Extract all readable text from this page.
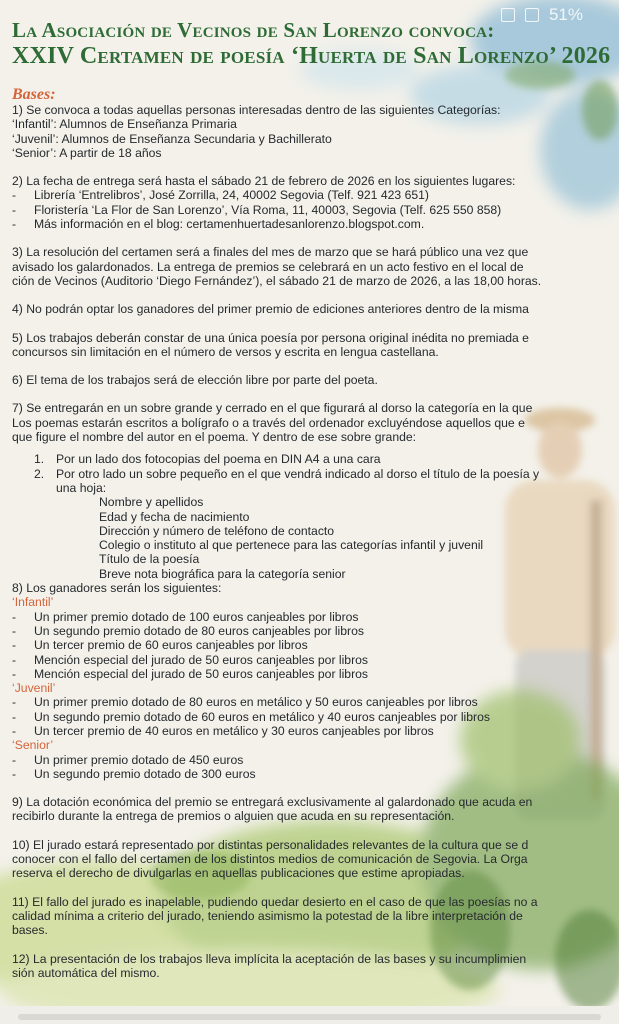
51%
La Asociación de Vecinos de San Lorenzo convoca:
XXIV Certamen de poesía ‘Huerta de San Lorenzo’ 2026
Bases:
1) Se convoca a todas aquellas personas interesadas dentro de las siguientes Categorías:
‘Infantil’: Alumnos de Enseñanza Primaria
‘Juvenil’: Alumnos de Enseñanza Secundaria y Bachillerato
‘Senior’: A partir de 18 años
2) La fecha de entrega será hasta el sábado 21 de febrero de 2026 en los siguientes lugares:
- Librería ‘Entrelibros’, José Zorrilla, 24, 40002 Segovia (Telf. 921 423 651)
- Floristería ‘La Flor de San Lorenzo’, Vía Roma, 11, 40003, Segovia (Telf. 625 550 858)
- Más información en el blog: certamenhuertadesanlorenzo.blogspot.com.
3) La resolución del certamen será a finales del mes de marzo que se hará público una vez que
avisado los galardonados. La entrega de premios se celebrará en un acto festivo en el local de
ción de Vecinos (Auditorio ‘Diego Fernández’), el sábado 21 de marzo de 2026, a las 18,00 horas.
4) No podrán optar los ganadores del primer premio de ediciones anteriores dentro de la misma
5) Los trabajos deberán constar de una única poesía por persona original inédita no premiada e
concursos sin limitación en el número de versos y escrita en lengua castellana.
6) El tema de los trabajos será de elección libre por parte del poeta.
7) Se entregarán en un sobre grande y cerrado en el que figurará al dorso la categoría en la que
Los poemas estarán escritos a bolígrafo o a través del ordenador excluyéndose aquellos que e
que figure el nombre del autor en el poema. Y dentro de ese sobre grande:
1. Por un lado dos fotocopias del poema en DIN A4 a una cara
2. Por otro lado un sobre pequeño en el que vendrá indicado al dorso el título de la poesía y
una hoja:
Nombre y apellidos
Edad y fecha de nacimiento
Dirección y número de teléfono de contacto
Colegio o instituto al que pertenece para las categorías infantil y juvenil
Título de la poesía
Breve nota biográfica para la categoría senior
8) Los ganadores serán los siguientes:
‘Infantil’
- Un primer premio dotado de 100 euros canjeables por libros
- Un segundo premio dotado de 80 euros canjeables por libros
- Un tercer premio de 60 euros canjeables por libros
- Mención especial del jurado de 50 euros canjeables por libros
- Mención especial del jurado de 50 euros canjeables por libros
‘Juvenil’
- Un primer premio dotado de 80 euros en metálico y 50 euros canjeables por libros
- Un segundo premio dotado de 60 euros en metálico y 40 euros canjeables por libros
- Un tercer premio de 40 euros en metálico y 30 euros canjeables por libros
‘Senior’
- Un primer premio dotado de 450 euros
- Un segundo premio dotado de 300 euros
9) La dotación económica del premio se entregará exclusivamente al galardonado que acuda en
recibirlo durante la entrega de premios o alguien que acuda en su representación.
10) El jurado estará representado por distintas personalidades relevantes de la cultura que se d
conocer con el fallo del certamen de los distintos medios de comunicación de Segovia. La Orga
reserva el derecho de divulgarlas en aquellas publicaciones que estime apropiadas.
11) El fallo del jurado es inapelable, pudiendo quedar desierto en el caso de que las poesías no a
calidad mínima a criterio del jurado, teniendo asimismo la potestad de la libre interpretación de
bases.
12) La presentación de los trabajos lleva implícita la aceptación de las bases y su incumplimien
sión automática del mismo.
